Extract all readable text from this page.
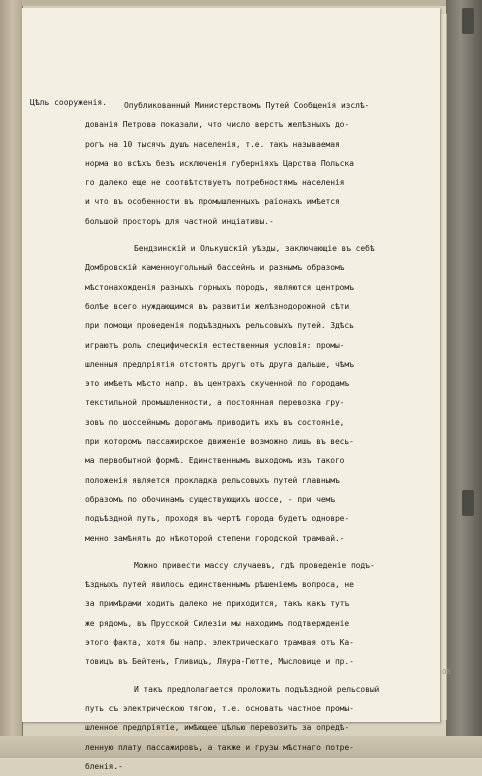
Цѣль сооруженія.	Опубликованный Министерствомъ Путей Сообщенія изслѣ-
дованія Петрова показали, что число верстъ желѣзныхъ до-
рогъ на 10 тысячъ душъ населенія, т.е. такъ называемая
норма во всѣхъ безъ исключенія губерніяхъ Царства Польска
го далеко еще не соотвѣтствуетъ потребностямъ населенія
и что въ особенности въ промышленныхъ раіонахъ имѣется
большой просторъ для частной инціативы.-
Бендзинскій и Олькушскій уѣзды, заключающіе въ себѣ
Домбровскій каменноугольный бассейнъ и разнымъ образомъ
мѣстонахожденія разныхъ горныхъ породъ, являются центромъ
болѣе всего нуждающимся въ развитіи желѣзнодорожной сѣти
при помощи проведенія подъѣздныхъ рельсовыхъ путей. Здѣсь
играютъ роль специфическія естественныя условія: промы-
шленныя предпріятія отстоятъ другъ отъ друга дальше, чѣмъ
это имѣетъ мѣсто напр. въ центрахъ скученной по городамъ
текстильной промышленности, а постоянная перевозка гру-
зовъ по шоссейнымъ дорогамъ приводитъ ихъ въ состояніе,
при которомъ пассажирское движеніе возможно лишь въ весь-
ма первобытной формѣ. Единственнымъ выходомъ изъ такого
положенія является прокладка рельсовыхъ путей главнымъ
образомъ по обочинамъ существующихъ шоссе, - при чемъ
подъѣздной путь, проходя въ чертѣ города будетъ одновре-
менно замѣнять до нѣкоторой степени городской трамвай.-
Можно привести массу случаевъ, гдѣ проведеніе подъ-
ѣздныхъ путей явилось единственнымъ рѣшеніемъ вопроса, не
за примѣрами ходить далеко не приходится, такъ какъ тутъ
же рядомъ, въ Прусской Силезіи мы находимъ подтвержденіе
этого факта, хотя бы напр. электрическаго трамвая отъ Ка-
товицъ въ Бейтенъ, Гливицъ, Ляура-Гютте, Мысловице и пр.-
И такъ предполагается проложить подъѣздной рельсовый
путь съ электрическою тягою, т.е. основать частное промы-
шленное предпріятіе, имѣющее цѣлью перевозить за опредѣ-
ленную плату пассажировъ, а также и грузы мѣстнаго потре-
бленія.-
08
